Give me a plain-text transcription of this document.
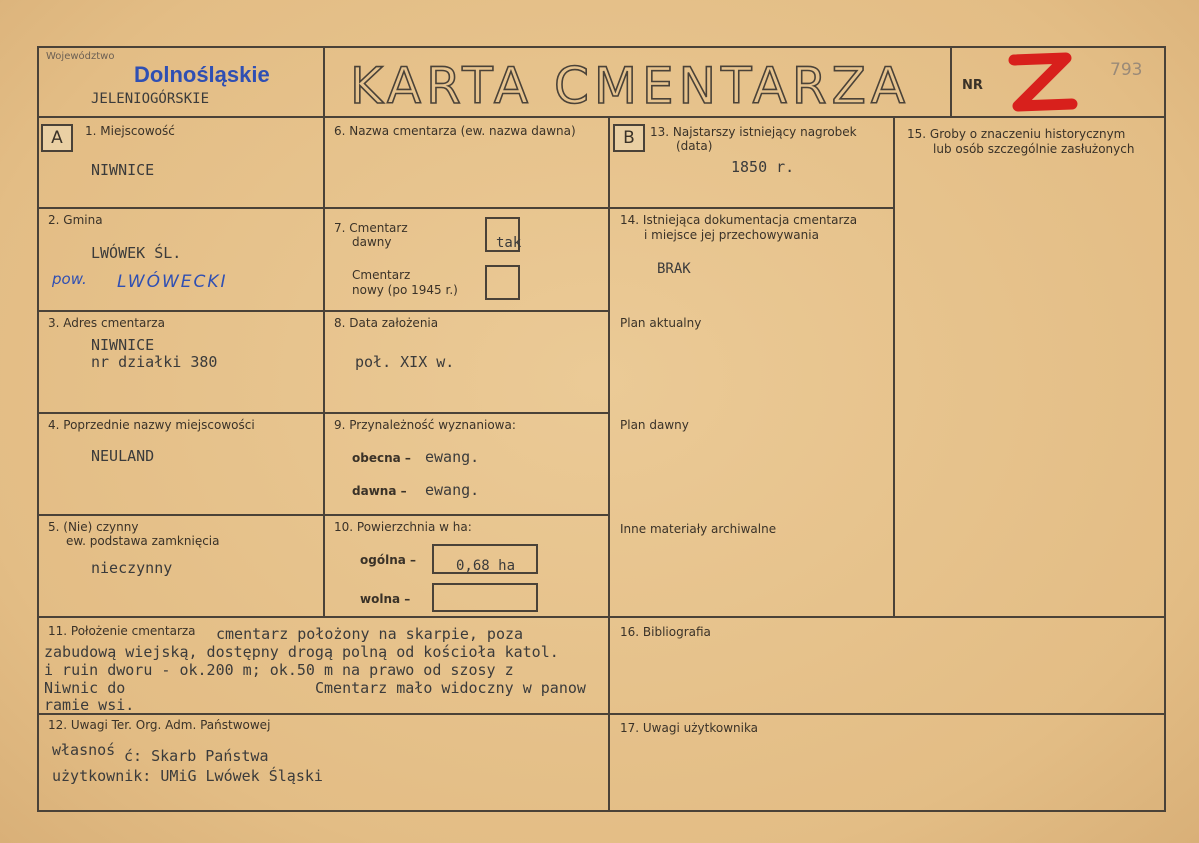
Województwo
Dolnośląskie
JELENIOGÓRSKIE	KARTA CMENTARZA	NR
793
A	B
1. Miejscowość
NIWNICE
2. Gmina
LWÓWEK ŚL.
pow. LWÓWECKI
3. Adres cmentarza
NIWNICE
nr działki 380
4. Poprzednie nazwy miejscowości
NEULAND
5. (Nie) czynny
ew. podstawa zamknięcia
nieczynny
6. Nazwa cmentarza (ew. nazwa dawna)
7. Cmentarz
dawny	tak
Cmentarz
nowy (po 1945 r.)
8. Data założenia
poł. XIX w.
9. Przynależność wyznaniowa:
obecna – ewang.
dawna – ewang.
10. Powierzchnia w ha:
ogólna –	0,68 ha
wolna –
13. Najstarszy istniejący nagrobek
(data)
1850 r.
14. Istniejąca dokumentacja cmentarza
i miejsce jej przechowywania
BRAK
Plan aktualny
Plan dawny
Inne materiały archiwalne
15. Groby o znaczeniu historycznym
lub osób szczególnie zasłużonych
11. Położenie cmentarza cmentarz położony na skarpie, poza
zabudową wiejską, dostępny drogą polną od kościoła katol.
i ruin dworu - ok.200 m; ok.50 m na prawo od szosy z
Niwnic do	Cmentarz mało widoczny w panow
ramie wsi.
16. Bibliografia
12. Uwagi Ter. Org. Adm. Państwowej
własnoś ć: Skarb Państwa
użytkownik: UMiG Lwówek Śląski
17. Uwagi użytkownika
